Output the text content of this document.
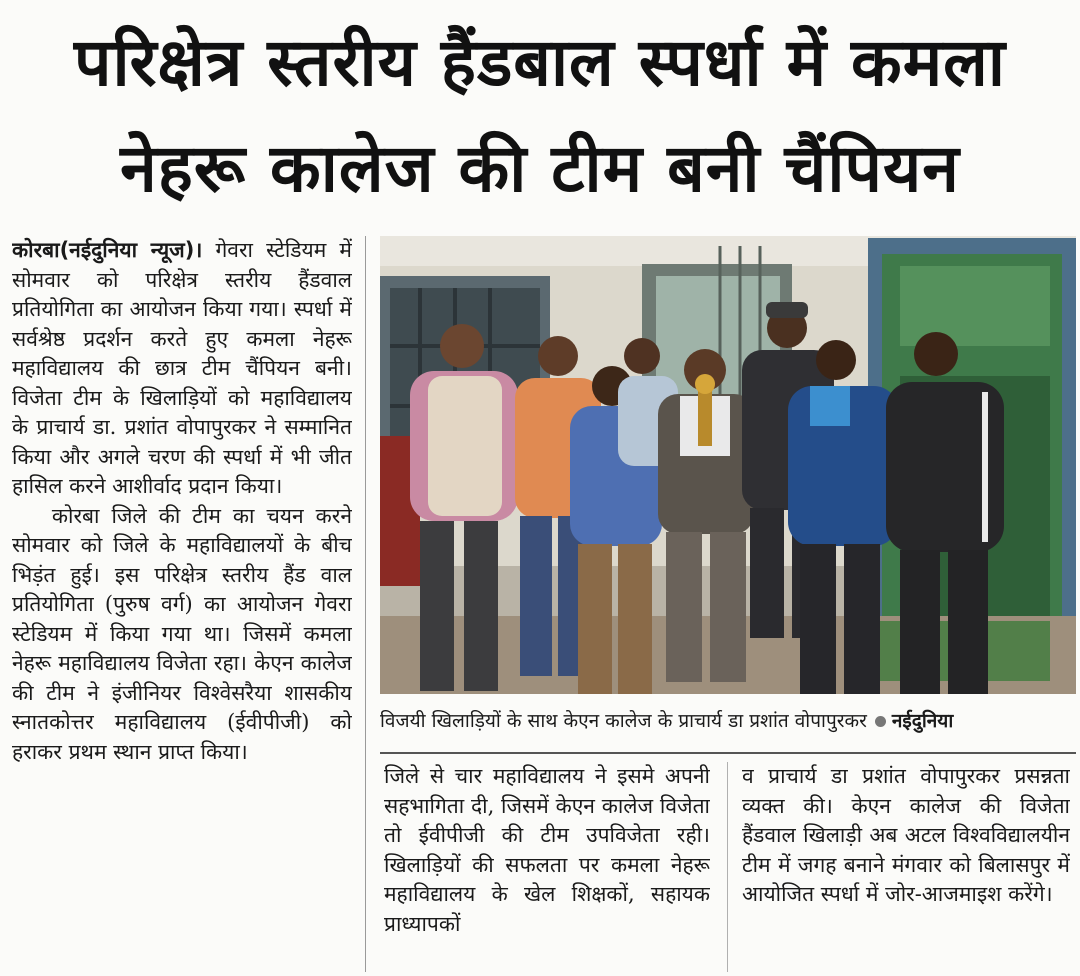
परिक्षेत्र स्तरीय हैंडबाल स्पर्धा में कमला
नेहरू कालेज की टीम बनी चैंपियन

कोरबा(नईदुनिया न्यूज)। गेवरा स्टेडियम में सोमवार को परिक्षेत्र स्तरीय हैंडवाल प्रतियोगिता का आयोजन किया गया। स्पर्धा में सर्वश्रेष्ठ प्रदर्शन करते हुए कमला नेहरू महाविद्यालय की छात्र टीम चैंपियन बनी। विजेता टीम के खिलाड़ियों को महाविद्यालय के प्राचार्य डा. प्रशांत वोपापुरकर ने सम्मानित किया और अगले चरण की स्पर्धा में भी जीत हासिल करने आशीर्वाद प्रदान किया।

कोरबा जिले की टीम का चयन करने सोमवार को जिले के महाविद्यालयों के बीच भिड़ंत हुई। इस परिक्षेत्र स्तरीय हैंड वाल प्रतियोगिता (पुरुष वर्ग) का आयोजन गेवरा स्टेडियम में किया गया था। जिसमें कमला नेहरू महाविद्यालय विजेता रहा। केएन कालेज की टीम ने इंजीनियर विश्वेसरैया शासकीय स्नातकोत्तर महाविद्यालय (ईवीपीजी) को हराकर प्रथम स्थान प्राप्त किया।

विजयी खिलाड़ियों के साथ केएन कालेज के प्राचार्य डा प्रशांत वोपापुरकर नईदुनिया

जिले से चार महाविद्यालय ने इसमे अपनी सहभागिता दी, जिसमें केएन कालेज विजेता तो ईवीपीजी की टीम उपविजेता रही। खिलाड़ियों की सफलता पर कमला नेहरू महाविद्यालय के खेल शिक्षकों, सहायक प्राध्यापकों

व प्राचार्य डा प्रशांत वोपापुरकर प्रसन्नता व्यक्त की। केएन कालेज की विजेता हैंडवाल खिलाड़ी अब अटल विश्वविद्यालयीन टीम में जगह बनाने मंगवार को बिलासपुर में आयोजित स्पर्धा में जोर-आजमाइश करेंगे।
